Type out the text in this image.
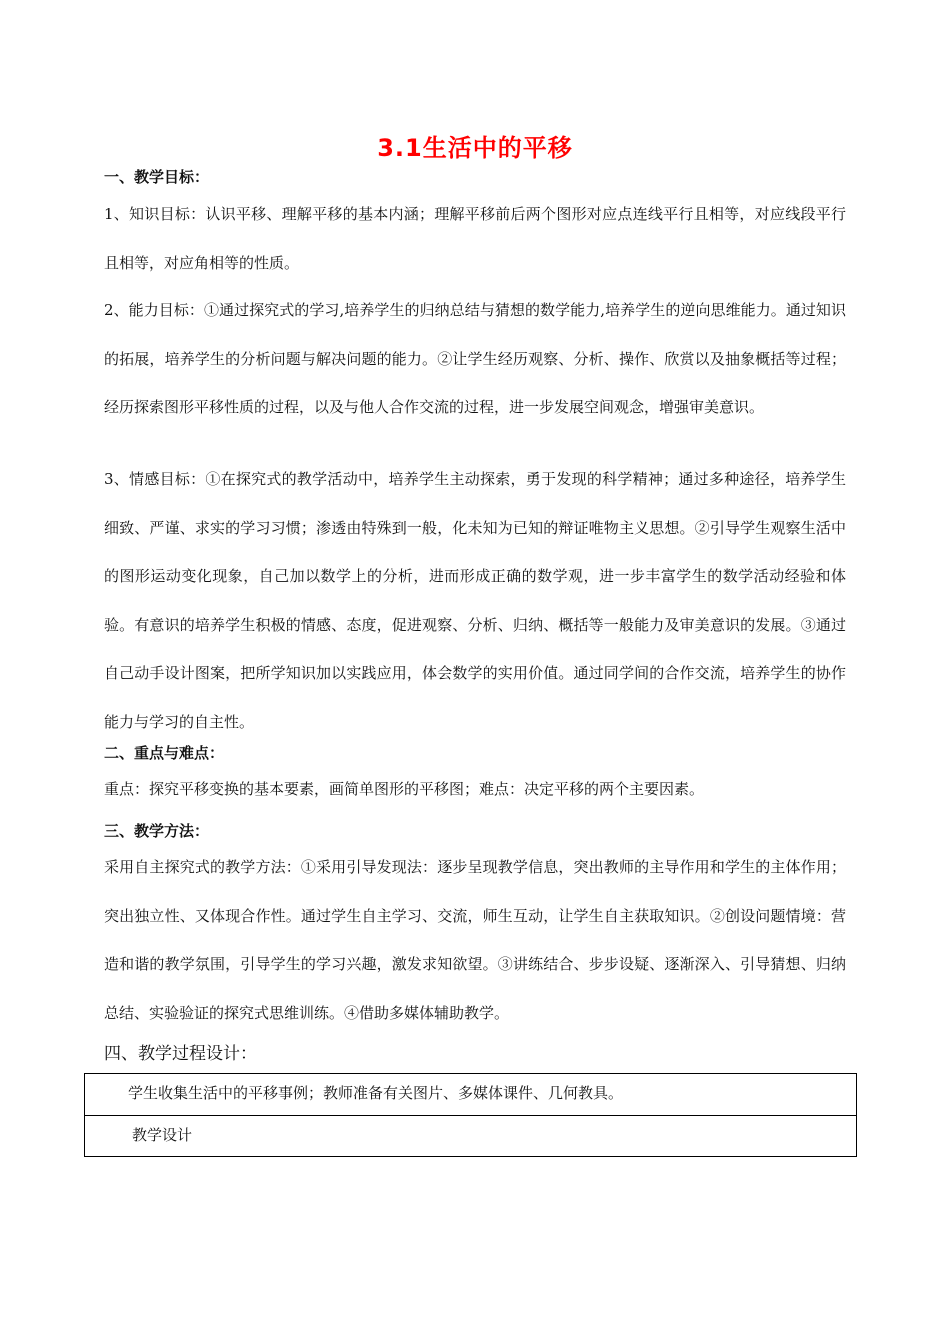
3.1生活中的平移
一、教学目标：
1、知识目标：认识平移、理解平移的基本内涵；理解平移前后两个图形对应点连线平行且相等，对应线段平行且相等，对应角相等的性质。
2、能力目标：①通过探究式的学习,培养学生的归纳总结与猜想的数学能力,培养学生的逆向思维能力。通过知识的拓展，培养学生的分析问题与解决问题的能力。②让学生经历观察、分析、操作、欣赏以及抽象概括等过程；经历探索图形平移性质的过程，以及与他人合作交流的过程，进一步发展空间观念，增强审美意识。
3、情感目标：①在探究式的教学活动中，培养学生主动探索，勇于发现的科学精神；通过多种途径，培养学生细致、严谨、求实的学习习惯；渗透由特殊到一般，化未知为已知的辩证唯物主义思想。②引导学生观察生活中的图形运动变化现象，自己加以数学上的分析，进而形成正确的数学观，进一步丰富学生的数学活动经验和体验。有意识的培养学生积极的情感、态度，促进观察、分析、归纳、概括等一般能力及审美意识的发展。③通过自己动手设计图案，把所学知识加以实践应用，体会数学的实用价值。通过同学间的合作交流，培养学生的协作能力与学习的自主性。
二、重点与难点：
重点：探究平移变换的基本要素，画简单图形的平移图；难点：决定平移的两个主要因素。
三、教学方法：
采用自主探究式的教学方法：①采用引导发现法：逐步呈现教学信息，突出教师的主导作用和学生的主体作用；突出独立性、又体现合作性。通过学生自主学习、交流，师生互动，让学生自主获取知识。②创设问题情境：营造和谐的教学氛围，引导学生的学习兴趣，激发求知欲望。③讲练结合、步步设疑、逐渐深入、引导猜想、归纳总结、实验验证的探究式思维训练。④借助多媒体辅助教学。
四、教学过程设计：
学生收集生活中的平移事例；教师准备有关图片、多媒体课件、几何教具。
教学设计
